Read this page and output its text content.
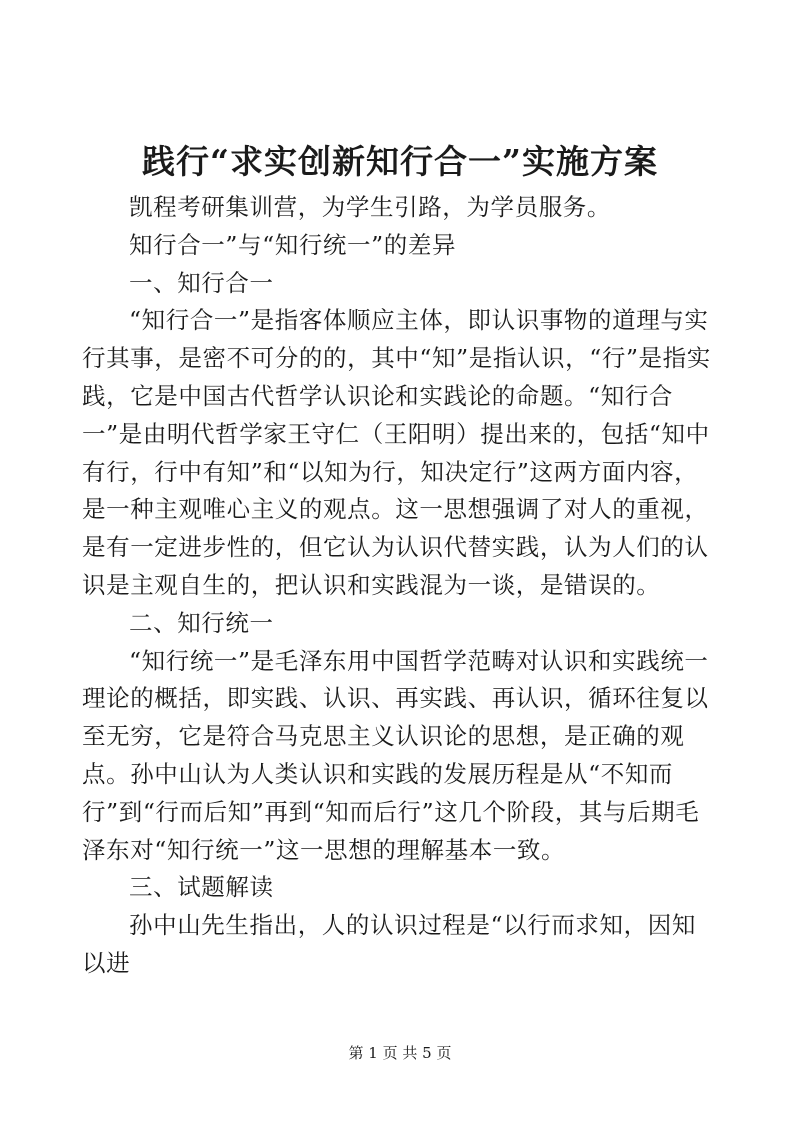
践行“求实创新知行合一”实施方案

凯程考研集训营，为学生引路，为学员服务。

知行合一”与“知行统一”的差异

一、知行合一

“知行合一”是指客体顺应主体，即认识事物的道理与实行其事，是密不可分的的，其中“知”是指认识，“行”是指实践，它是中国古代哲学认识论和实践论的命题。“知行合一”是由明代哲学家王守仁（王阳明）提出来的，包括“知中有行，行中有知”和“以知为行，知决定行”这两方面内容，是一种主观唯心主义的观点。这一思想强调了对人的重视，是有一定进步性的，但它认为认识代替实践，认为人们的认识是主观自生的，把认识和实践混为一谈，是错误的。

二、知行统一

“知行统一”是毛泽东用中国哲学范畴对认识和实践统一理论的概括，即实践、认识、再实践、再认识，循环往复以至无穷，它是符合马克思主义认识论的思想，是正确的观点。孙中山认为人类认识和实践的发展历程是从“不知而行”到“行而后知”再到“知而后行”这几个阶段，其与后期毛泽东对“知行统一”这一思想的理解基本一致。

三、试题解读

孙中山先生指出，人的认识过程是“以行而求知，因知以进

第 1 页 共 5 页
